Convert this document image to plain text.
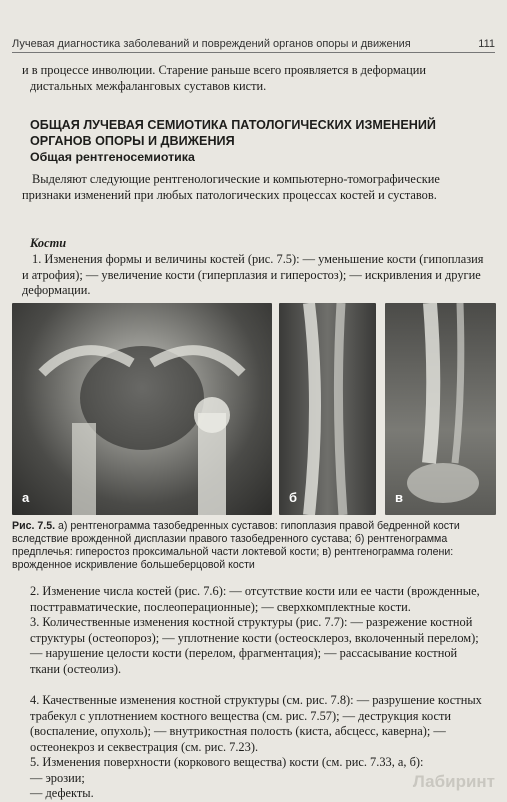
Лучевая диагностика заболеваний и повреждений органов опоры и движения	111
и в процессе инволюции. Старение раньше всего проявляется в деформации
дистальных межфаланговых суставов кисти.
ОБЩАЯ ЛУЧЕВАЯ СЕМИОТИКА ПАТОЛОГИЧЕСКИХ ИЗМЕНЕНИЙ ОРГАНОВ ОПОРЫ И ДВИЖЕНИЯ
Общая рентгеносемиотика
Выделяют следующие рентгенологические и компьютерно-томографические признаки изменений при любых патологических процессах костей и суставов.
Кости
1. Изменения формы и величины костей (рис. 7.5): — уменьшение кости (гипоплазия и атрофия); — увеличение кости (гиперплазия и гиперостоз); — искривления и другие деформации.
а	б	в
Рис. 7.5. а) рентгенограмма тазобедренных суставов: гипоплазия правой бедренной кости вследствие врожденной дисплазии правого тазобедренного сустава; б) рентгенограмма предплечья: гиперостоз проксимальной части локтевой кости; в) рентгенограмма голени: врожденное искривление большеберцовой кости
2. Изменение числа костей (рис. 7.6): — отсутствие кости или ее части (врожденные, посттравматические, послеоперационные); — сверхкомплектные кости.
3. Количественные изменения костной структуры (рис. 7.7): — разрежение костной структуры (остеопороз); — уплотнение кости (остеосклероз, вколоченный перелом); — нарушение целости кости (перелом, фрагментация); — рассасывание костной ткани (остеолиз).
4. Качественные изменения костной структуры (см. рис. 7.8): — разрушение костных трабекул с уплотнением костного вещества (см. рис. 7.57); — деструкция кости (воспаление, опухоль); — внутрикостная полость (киста, абсцесс, каверна); — остеонекроз и секвестрация (см. рис. 7.23).
5. Изменения поверхности (коркового вещества) кости (см. рис. 7.33, а, б):
— эрозии;
— дефекты.
Лабиринт
